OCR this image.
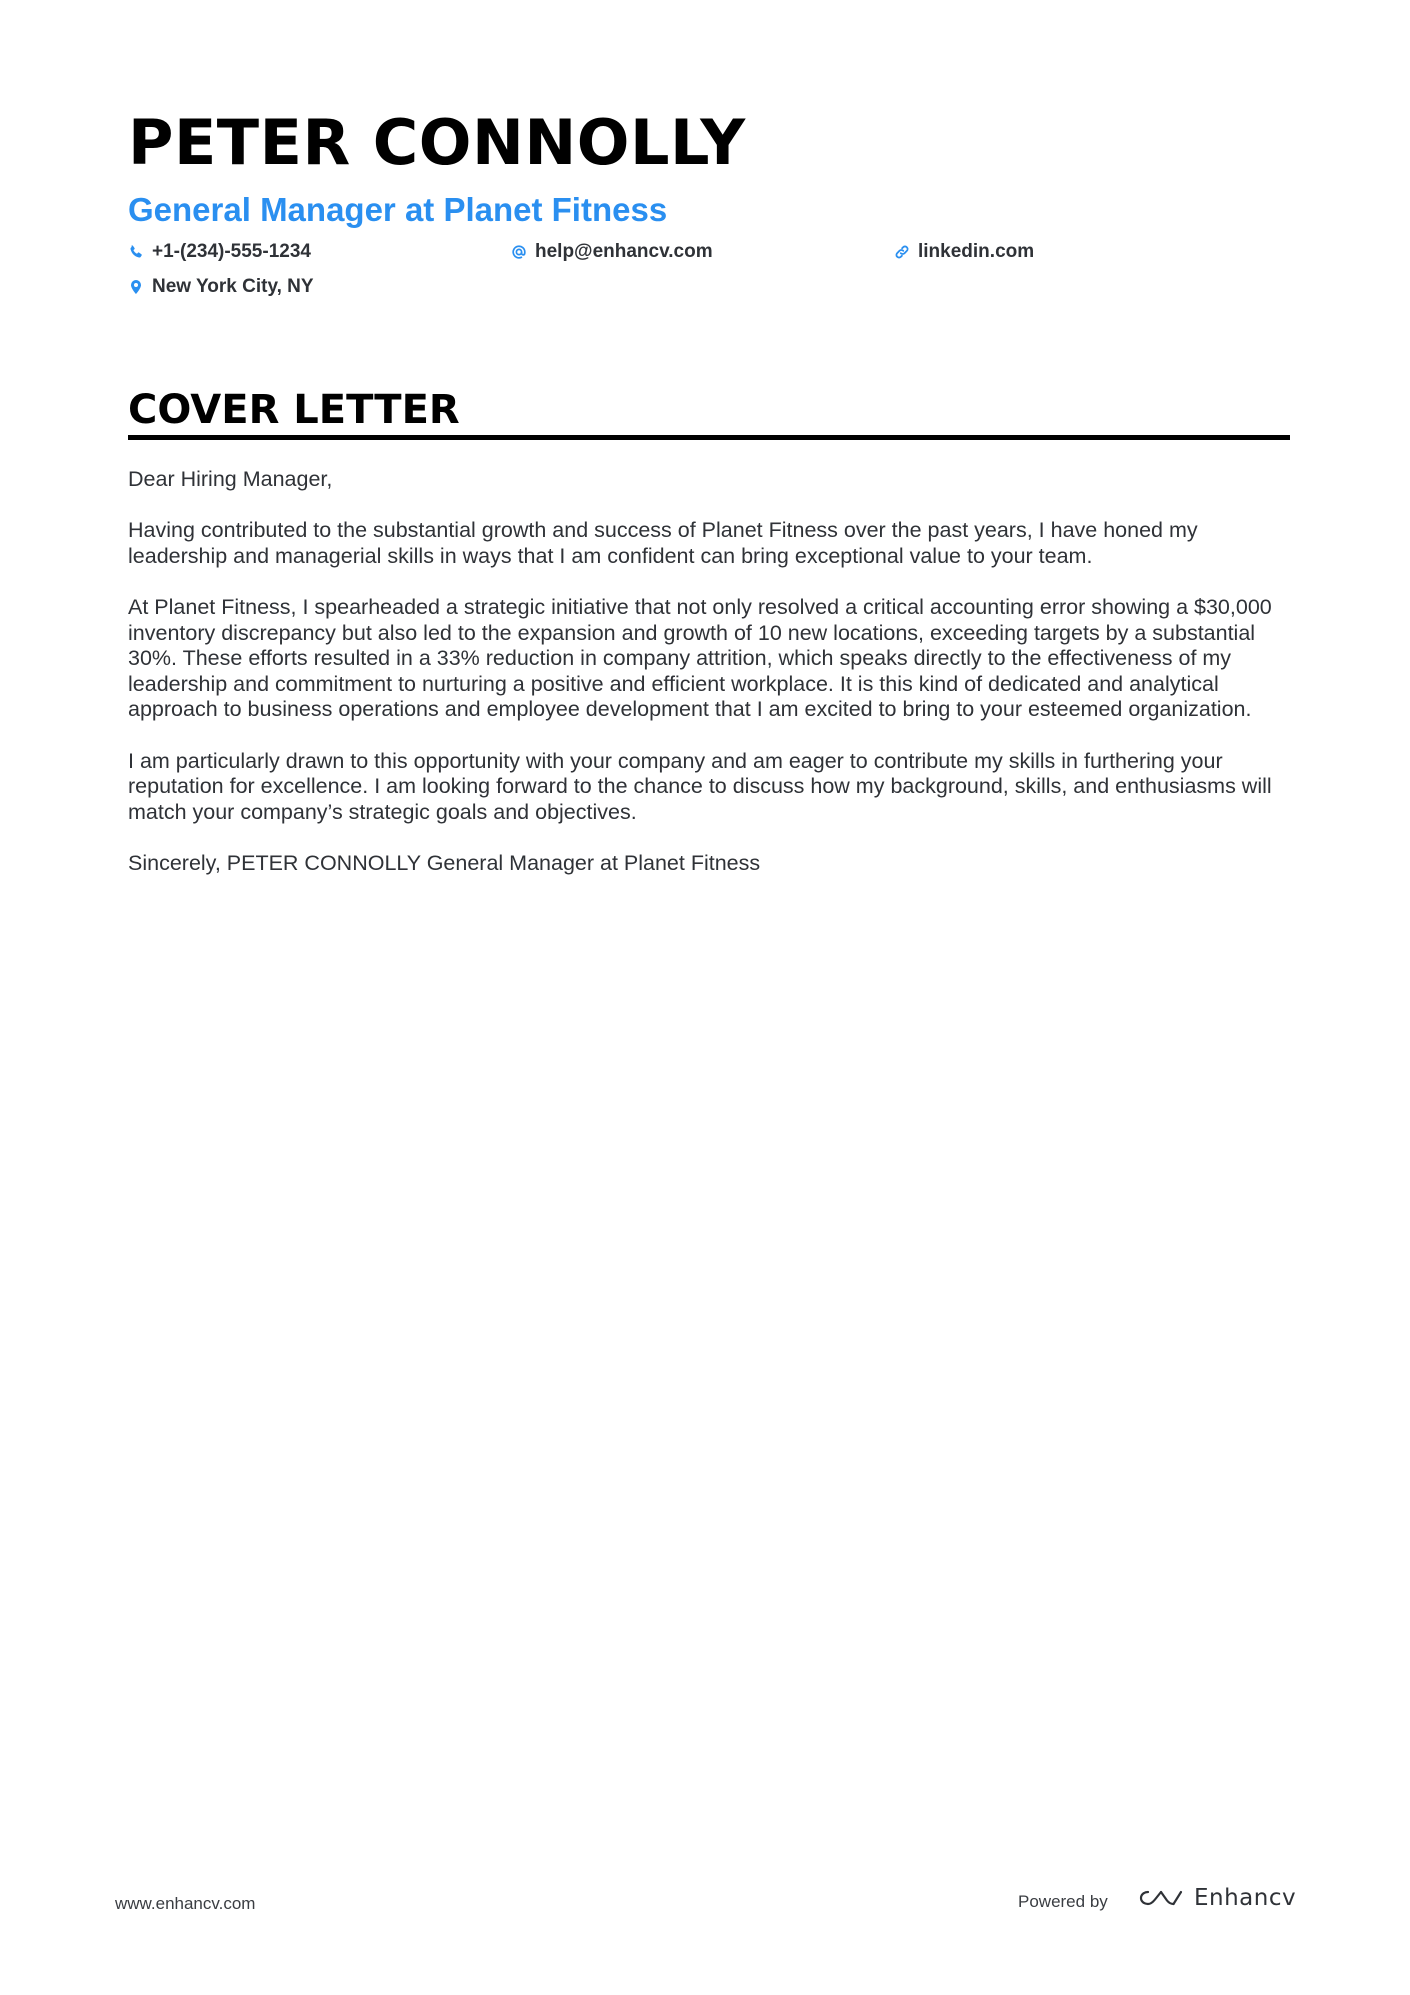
PETER CONNOLLY
General Manager at Planet Fitness
+1-(234)-555-1234	help@enhancv.com	linkedin.com
New York City, NY
COVER LETTER

Dear Hiring Manager,

Having contributed to the substantial growth and success of Planet Fitness over the past years, I have honed my leadership and managerial skills in ways that I am confident can bring exceptional value to your team.

At Planet Fitness, I spearheaded a strategic initiative that not only resolved a critical accounting error showing a $30,000 inventory discrepancy but also led to the expansion and growth of 10 new locations, exceeding targets by a substantial 30%. These efforts resulted in a 33% reduction in company attrition, which speaks directly to the effectiveness of my leadership and commitment to nurturing a positive and efficient workplace. It is this kind of dedicated and analytical approach to business operations and employee development that I am excited to bring to your esteemed organization.

I am particularly drawn to this opportunity with your company and am eager to contribute my skills in furthering your reputation for excellence. I am looking forward to the chance to discuss how my background, skills, and enthusiasms will match your company’s strategic goals and objectives.

Sincerely, PETER CONNOLLY General Manager at Planet Fitness

www.enhancv.com	Powered by	Enhancv
